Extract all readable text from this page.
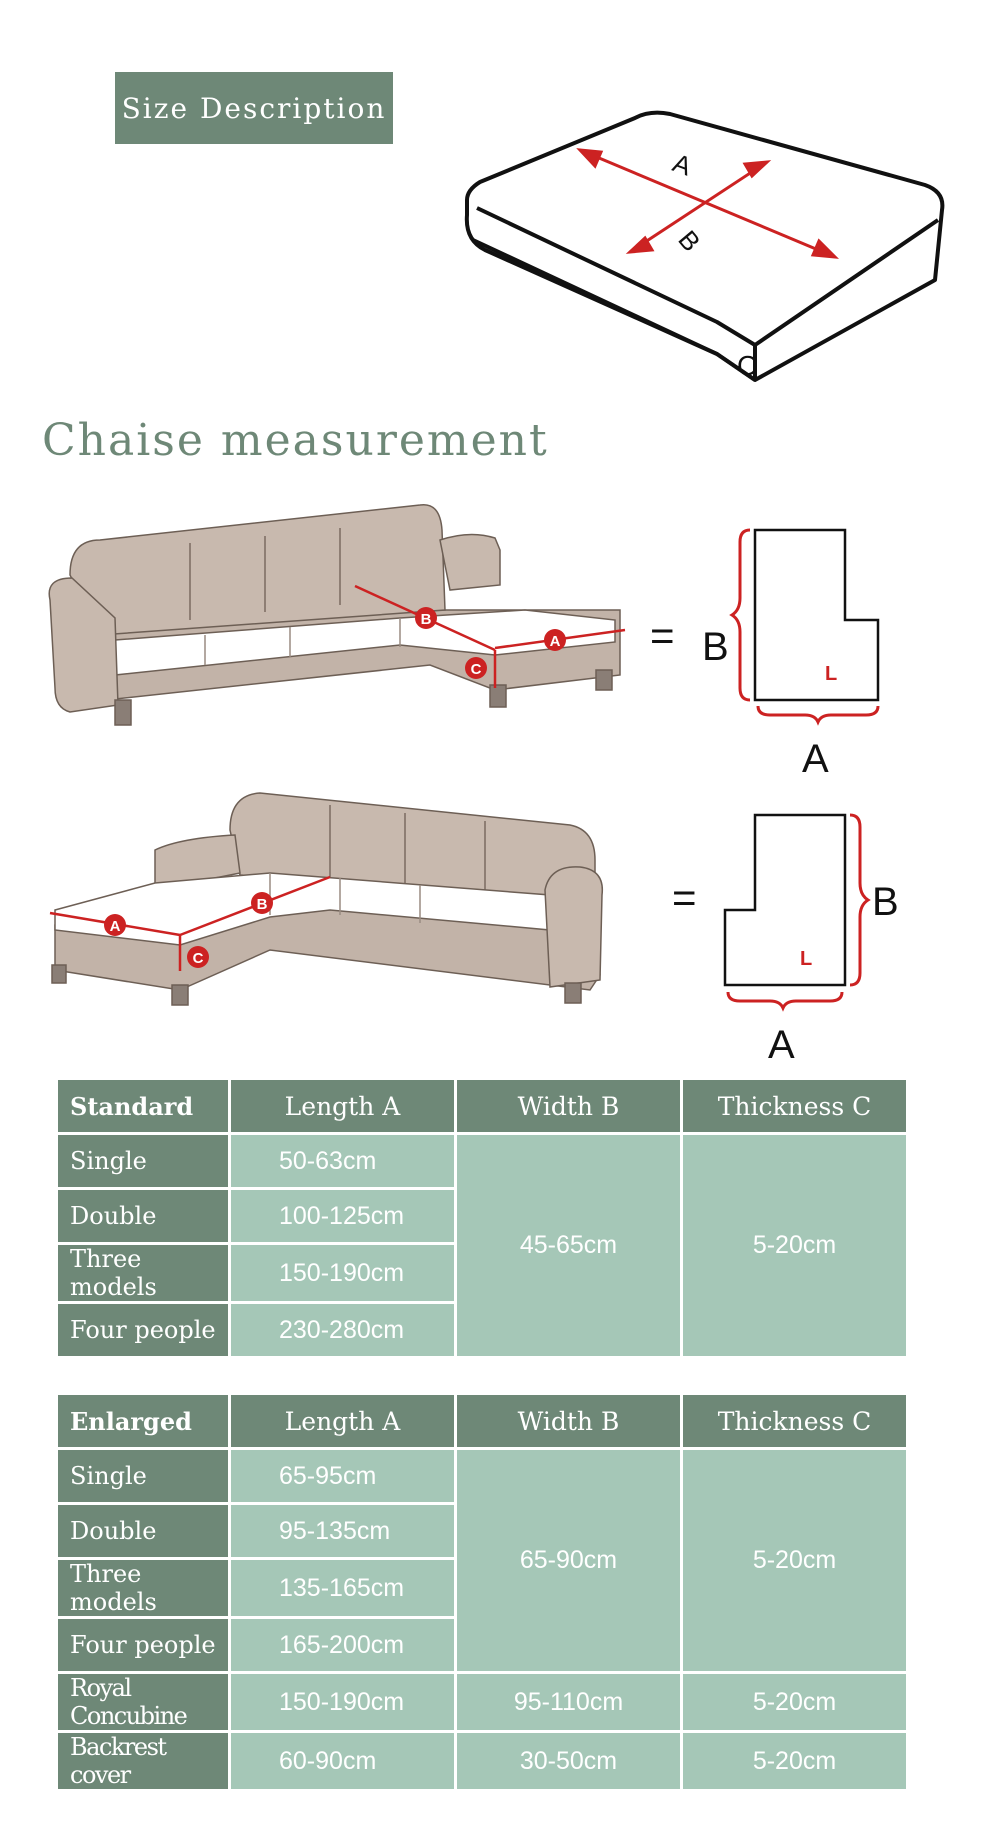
Size Description
A
B
C
Chaise measurement
B
A
C
= B
L
A
A
B
C
=
L
B
A
Standard	Length A	Width B	Thickness C
Single	50-63cm	45-65cm	5-20cm
Double	100-125cm		
Three models	150-190cm		
Four people	230-280cm		
Enlarged	Length A	Width B	Thickness C
Single	65-95cm	65-90cm	5-20cm
Double	95-135cm		
Three models	135-165cm		
Four people	165-200cm		
Royal Concubine	150-190cm	95-110cm	5-20cm
Backrest cover	60-90cm	30-50cm	5-20cm
